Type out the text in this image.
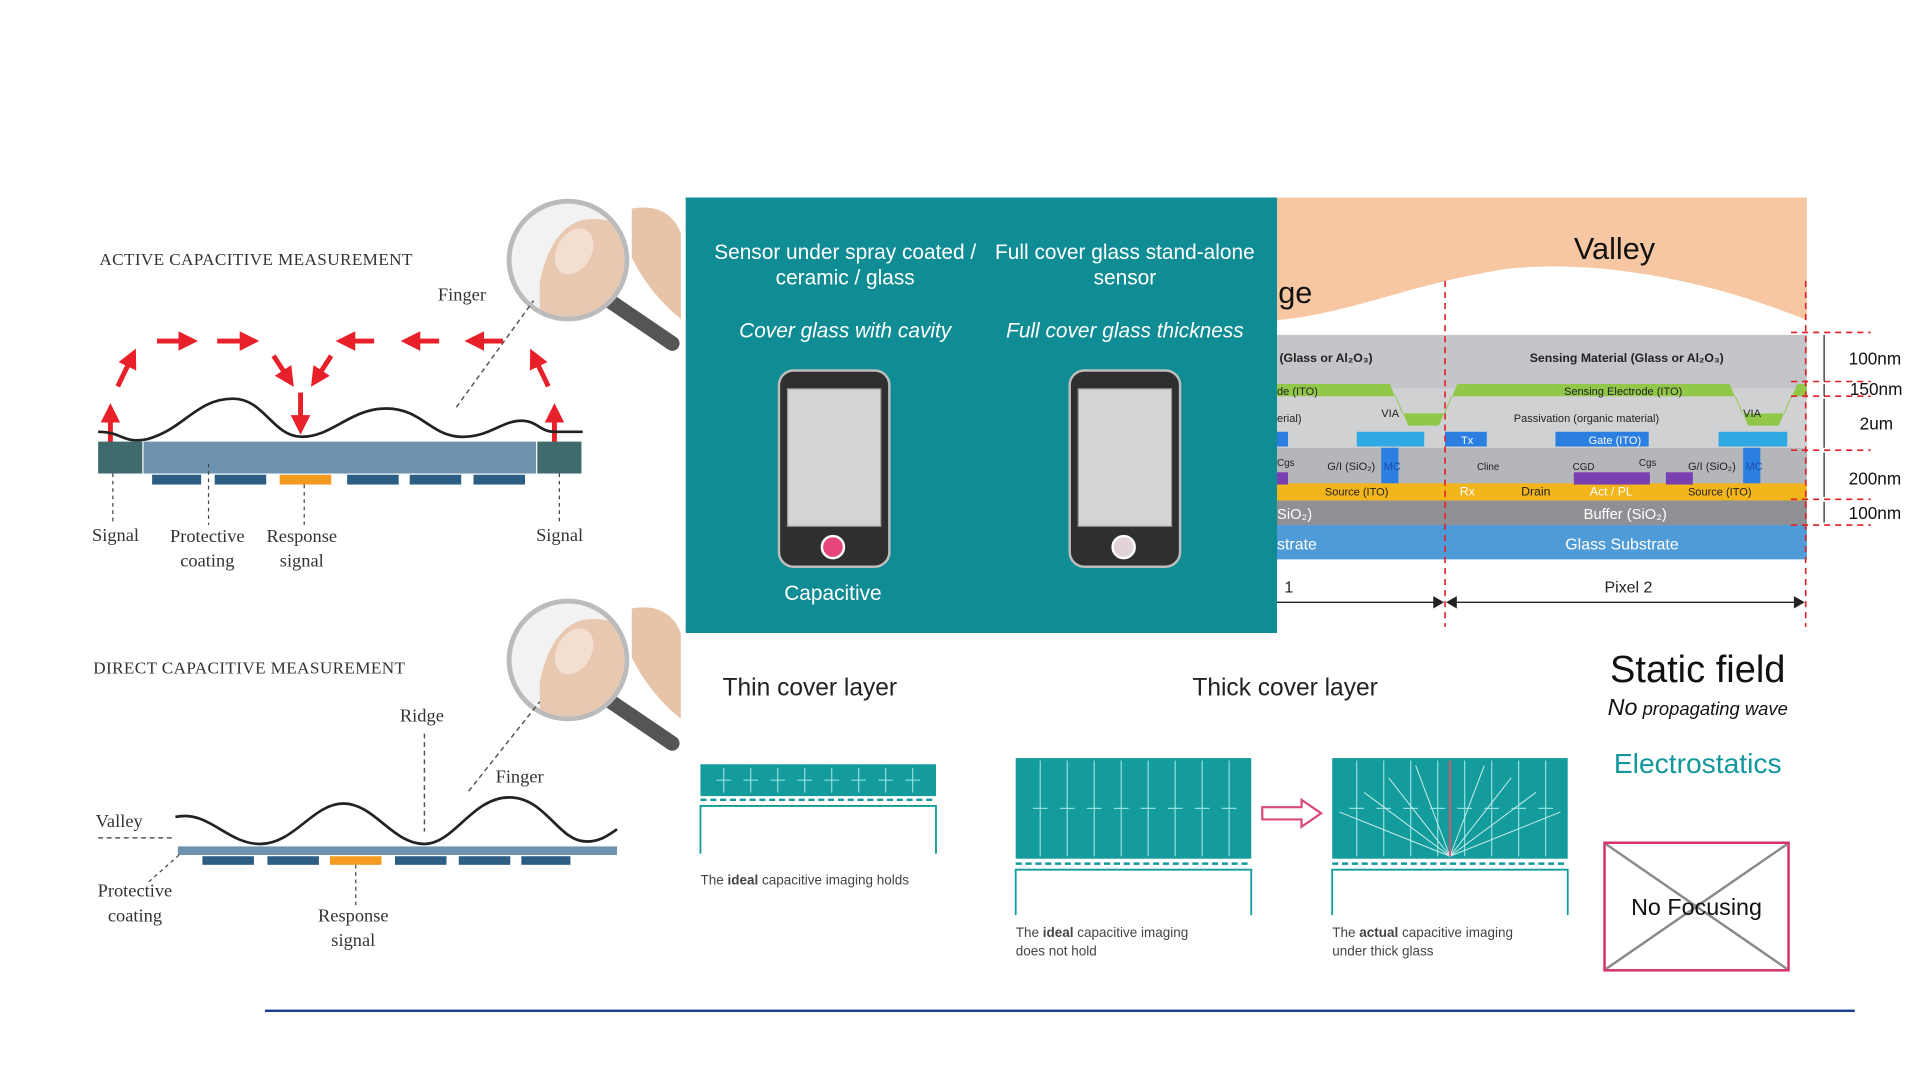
ACTIVE CAPACITIVE MEASUREMENT
Finger
Signal	Protective
coating
Response
signal
Signal
DIRECT CAPACITIVE MEASUREMENT
Ridge
Finger
Valley
Protective
coating	Response
signal
Valley
ge
(Glass or Al₂O₃)	Sensing Material (Glass or Al₂O₃)
de (ITO)	Sensing Electrode (ITO)
VIA	VIA
erial)	Passivation (organic material)
Tx	Gate (ITO)
G/I (SiO₂)	G/I (SiO₂)
MC	MC
Cgs	Cline	CGD	Cgs
Rx	Drain	Act / PL
Source (ITO)	Source (ITO)
SiO₂)	Buffer (SiO₂)
strate	Glass Substrate
1	Pixel 2
100nm
150nm
2um
200nm
100nm
Sensor under spray coated / ceramic / glass
Full cover glass stand-alone sensor
Cover glass with cavity	Full cover glass thickness
Capacitive
Thin cover layer	Thick cover layer
The ideal capacitive imaging holds
The ideal capacitive imaging
does not hold
The actual capacitive imaging
under thick glass
Static field
No propagating wave
Electrostatics
No Focusing
